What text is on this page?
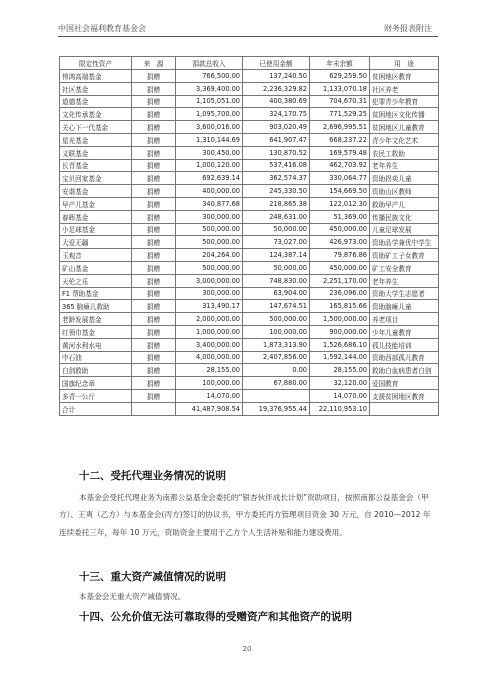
中国社会福利教育基金会	财务报表附注
限定性资产	来　源	捐款总收入	已使用金额	年末余额	用　途
伟鸿高端基金	捐赠	766,500.00	137,240.50	629,259.50	贫困地区教育
社区基金	捐赠	3,369,400.00	2,236,329.82	1,133,070.18	社区养老
道德基金	捐赠	1,105,051.00	400,380.69	704,670.31	犯罪青少年教育
文化传承基金	捐赠	1,095,700.00	324,170.75	771,529.25	贫困地区文化传播
关心下一代基金	捐赠	3,600,016.00	903,020.49	2,696,995.51	贫困地区儿童教育
星光基金	捐赠	1,310,144.69	641,907.47	668,237.22	青少年文化艺术
义联基金	捐赠	300,450.00	130,870.52	169,579.48	农民工救助
长青基金	捐赠	1,000,120.00	537,416.08	462,703.92	老年养生
宝贝回家基金	捐赠	692,639.14	362,574.37	330,064.77	资助拐卖儿童
安谐基金	捐赠	400,000.00	245,330.50	154,669.50	资助山区教师
早产儿基金	捐赠	340,877.68	218,865.38	122,012.30	救助早产儿
春晖基金	捐赠	300,000.00	248,631.00	51,369.00	传播民族文化
小足球基金	捐赠	500,000.00	50,000.00	450,000.00	儿童足球发展
大爱无疆	捐赠	500,000.00	73,027.00	426,973.00	资助品学兼优中学生
玉观音	捐赠	204,264.00	124,387.14	79,876.86	资助矿工子女教育
矿山基金	捐赠	500,000.00	50,000.00	450,000.00	矿工安全教育
天伦之乐	捐赠	3,000,000.00	748,830.00	2,251,170.00	老年养生
F1 帮助基金	捐赠	300,000.00	63,904.00	236,096.00	资助大学生志愿者
365 脑瘫儿救助	捐赠	313,490.17	147,674.51	165,815.66	资助脑瘫儿童
老龄发展基金	捐赠	2,000,000.00	500,000.00	1,500,000.00	养老项目
红领巾基金	捐赠	1,000,000.00	100,000.00	900,000.00	少年儿童教育
黄河水利水电	捐赠	3,400,000.00	1,873,313.90	1,526,686.10	孤儿技能培训
中石油	捐赠	4,000,000.00	2,407,856.00	1,592,144.00	资助西部孤儿教育
白剑救助	捐赠	28,155.00	0.00	28,155.00	救助白血病患者白剑
国旗纪念章	捐赠	100,000.00	67,880.00	32,120.00	爱国教育
多背一公斤	捐赠	14,070.00		14,070.00	支援贫困地区教育
合计		41,487,908.54	19,376,955.44	22,110,953.10	
十二、受托代理业务情况的说明
本基金会受托代理业务为南都公益基金会委托的“银杏伙伴成长计划”资助项目，按照南都公益基金会（甲方）、王爽（乙方）与本基金会(丙方)签订的协议书，甲方委托丙方管理项目资金 30 万元，自 2010—2012 年连续委托三年，每年 10 万元，资助资金主要用于乙方个人生活补贴和能力建设费用。
十三、重大资产减值情况的说明
本基金会无重大资产减值情况。
十四、公允价值无法可靠取得的受赠资产和其他资产的说明
20
